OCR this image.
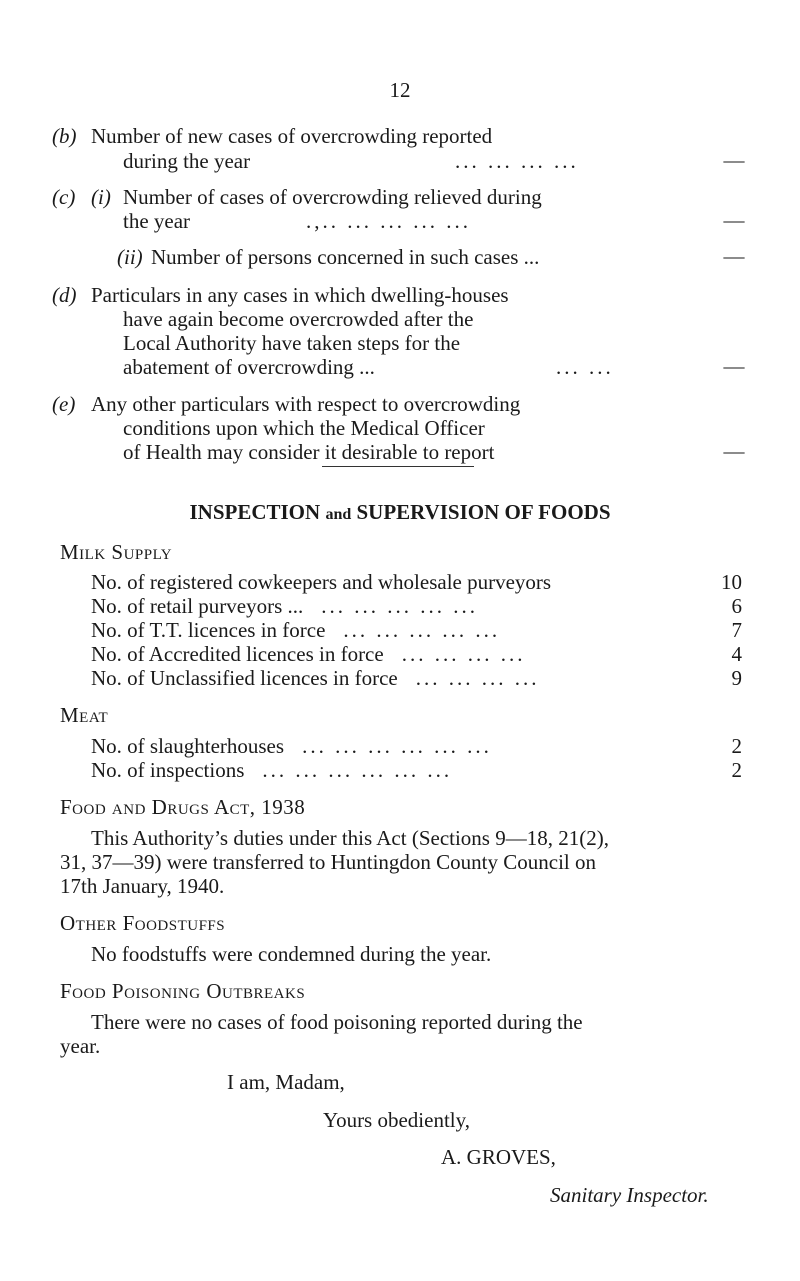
12
(b) Number of new cases of overcrowding reported
during the year	... ... ... ...	—
(c) (i) Number of cases of overcrowding relieved during
the year	.,.. ... ... ... ...	—
(ii) Number of persons concerned in such cases ...	—
(d) Particulars in any cases in which dwelling-houses
have again become overcrowded after the
Local Authority have taken steps for the
abatement of overcrowding ...	... ...	—
(e) Any other particulars with respect to overcrowding
conditions upon which the Medical Officer
of Health may consider it desirable to report	—
INSPECTION and SUPERVISION OF FOODS
Milk Supply
No. of registered cowkeepers and wholesale purveyors	10
No. of retail purveyors ... ... ... ... ... ...	6
No. of T.T. licences in force ... ... ... ... ...	7
No. of Accredited licences in force ... ... ... ...	4
No. of Unclassified licences in force ... ... ... ...	9
Meat
No. of slaughterhouses ... ... ... ... ... ...	2
No. of inspections ... ... ... ... ... ...	2
Food and Drugs Act, 1938
This Authority’s duties under this Act (Sections 9—18, 21(2),
31, 37—39) were transferred to Huntingdon County Council on
17th January, 1940.
Other Foodstuffs
No foodstuffs were condemned during the year.
Food Poisoning Outbreaks
There were no cases of food poisoning reported during the
year.
I am, Madam,
Yours obediently,
A. GROVES,
Sanitary Inspector.
